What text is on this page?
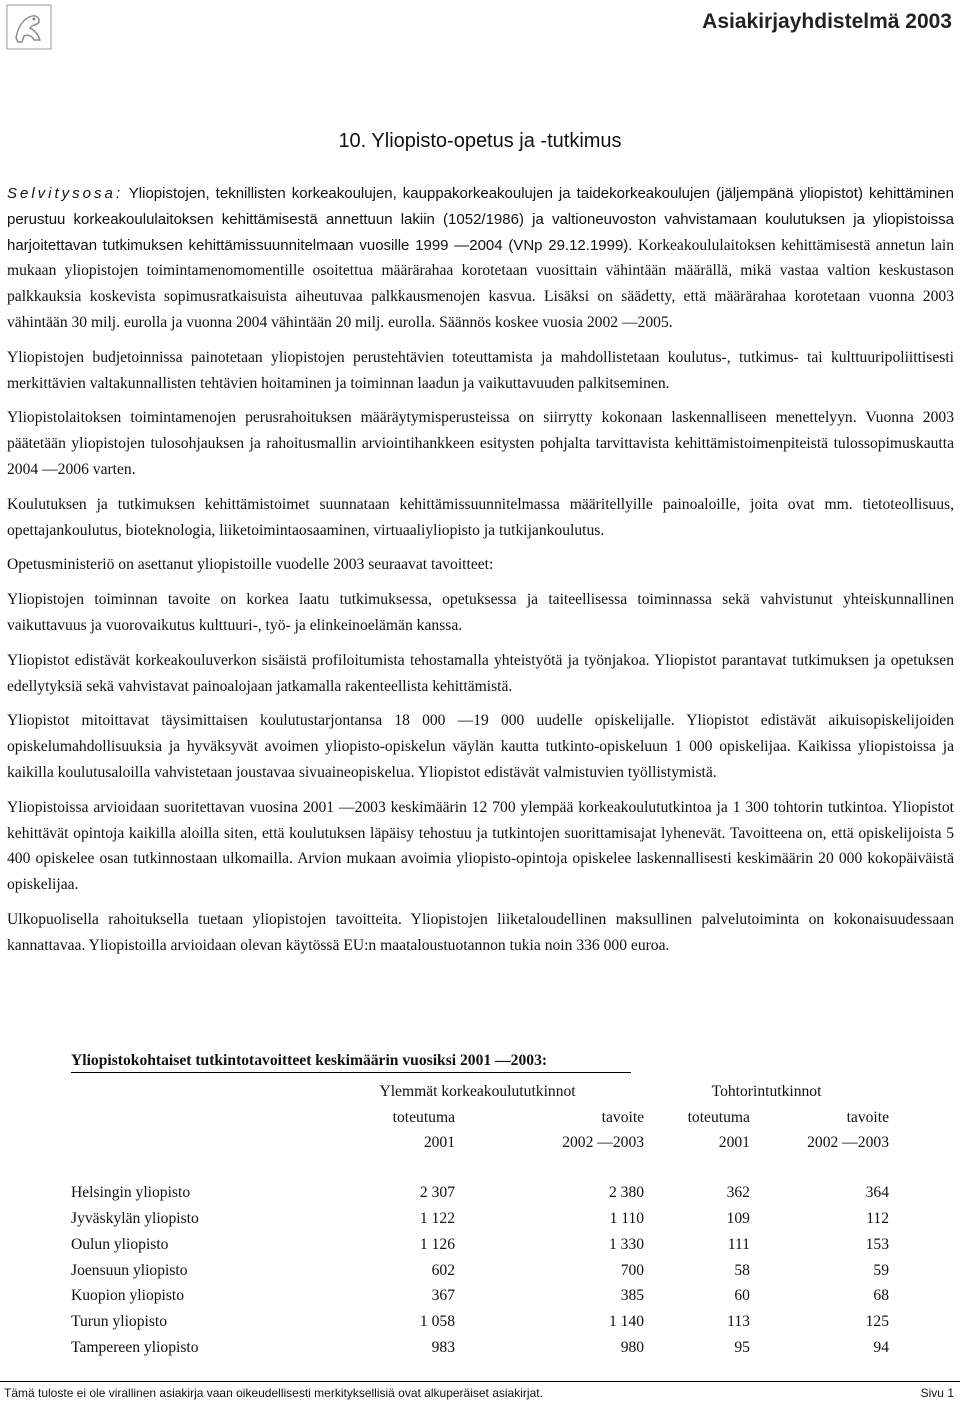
Asiakirjayhdistelmä 2003
10. Yliopisto-opetus ja -tutkimus

Selvitysosa: Yliopistojen, teknillisten korkeakoulujen, kauppakorkeakoulujen ja taidekorkeakoulujen (jäljempänä yliopistot) kehittäminen perustuu korkeakoululaitoksen kehittämisestä annettuun lakiin (1052/1986) ja valtioneuvoston vahvistamaan koulutuksen ja yliopistoissa harjoitettavan tutkimuksen kehittämissuunnitelmaan vuosille 1999 —2004 (VNp 29.12.1999). Korkeakoululaitoksen kehittämisestä annetun lain mukaan yliopistojen toimintamenomomentille osoitettua määrärahaa korotetaan vuosittain vähintään määrällä, mikä vastaa valtion keskustason palkkauksia koskevista sopimusratkaisuista aiheutuvaa palkkausmenojen kasvua. Lisäksi on säädetty, että määrärahaa korotetaan vuonna 2003 vähintään 30 milj. eurolla ja vuonna 2004 vähintään 20 milj. eurolla. Säännös koskee vuosia 2002 —2005.

Yliopistojen budjetoinnissa painotetaan yliopistojen perustehtävien toteuttamista ja mahdollistetaan koulutus-, tutkimus- tai kulttuuripoliittisesti merkittävien valtakunnallisten tehtävien hoitaminen ja toiminnan laadun ja vaikuttavuuden palkitseminen.

Yliopistolaitoksen toimintamenojen perusrahoituksen määräytymisperusteissa on siirrytty kokonaan laskennalliseen menettelyyn. Vuonna 2003 päätetään yliopistojen tulosohjauksen ja rahoitusmallin arviointihankkeen esitysten pohjalta tarvittavista kehittämistoimenpiteistä tulossopimuskautta 2004 —2006 varten.

Koulutuksen ja tutkimuksen kehittämistoimet suunnataan kehittämissuunnitelmassa määritellyille painoaloille, joita ovat mm. tietoteollisuus, opettajankoulutus, bioteknologia, liiketoimintaosaaminen, virtuaaliyliopisto ja tutkijankoulutus.

Opetusministeriö on asettanut yliopistoille vuodelle 2003 seuraavat tavoitteet:

Yliopistojen toiminnan tavoite on korkea laatu tutkimuksessa, opetuksessa ja taiteellisessa toiminnassa sekä vahvistunut yhteiskunnallinen vaikuttavuus ja vuorovaikutus kulttuuri-, työ- ja elinkeinoelämän kanssa.

Yliopistot edistävät korkeakouluverkon sisäistä profiloitumista tehostamalla yhteistyötä ja työnjakoa. Yliopistot parantavat tutkimuksen ja opetuksen edellytyksiä sekä vahvistavat painoalojaan jatkamalla rakenteellista kehittämistä.

Yliopistot mitoittavat täysimittaisen koulutustarjontansa 18 000 —19 000 uudelle opiskelijalle. Yliopistot edistävät aikuisopiskelijoiden opiskelumahdollisuuksia ja hyväksyvät avoimen yliopisto-opiskelun väylän kautta tutkinto-opiskeluun 1 000 opiskelijaa. Kaikissa yliopistoissa ja kaikilla koulutusaloilla vahvistetaan joustavaa sivuaineopiskelua. Yliopistot edistävät valmistuvien työllistymistä.

Yliopistoissa arvioidaan suoritettavan vuosina 2001 —2003 keskimäärin 12 700 ylempää korkeakoulututkintoa ja 1 300 tohtorin tutkintoa. Yliopistot kehittävät opintoja kaikilla aloilla siten, että koulutuksen läpäisy tehostuu ja tutkintojen suorittamisajat lyhenevät. Tavoitteena on, että opiskelijoista 5 400 opiskelee osan tutkinnostaan ulkomailla. Arvion mukaan avoimia yliopisto-opintoja opiskelee laskennallisesti keskimäärin 20 000 kokopäiväistä opiskelijaa.

Ulkopuolisella rahoituksella tuetaan yliopistojen tavoitteita. Yliopistojen liiketaloudellinen maksullinen palvelutoiminta on kokonaisuudessaan kannattavaa. Yliopistoilla arvioidaan olevan käytössä EU:n maataloustuotannon tukia noin 336 000 euroa.

Yliopistokohtaiset tutkintotavoitteet keskimäärin vuosiksi 2001 —2003:
	Ylemmät korkeakoulututkinnot		Tohtorintutkinnot	
	toteutuma	tavoite	toteutuma	tavoite
	2001	2002 —2003	2001	2002 —2003

Helsingin yliopisto	2 307	2 380	362	364
Jyväskylän yliopisto	1 122	1 110	109	112
Oulun yliopisto	1 126	1 330	111	153
Joensuun yliopisto	602	700	58	59
Kuopion yliopisto	367	385	60	68
Turun yliopisto	1 058	1 140	113	125
Tampereen yliopisto	983	980	95	94
Tämä tuloste ei ole virallinen asiakirja vaan oikeudellisesti merkityksellisiä ovat alkuperäiset asiakirjat.	Sivu 1
